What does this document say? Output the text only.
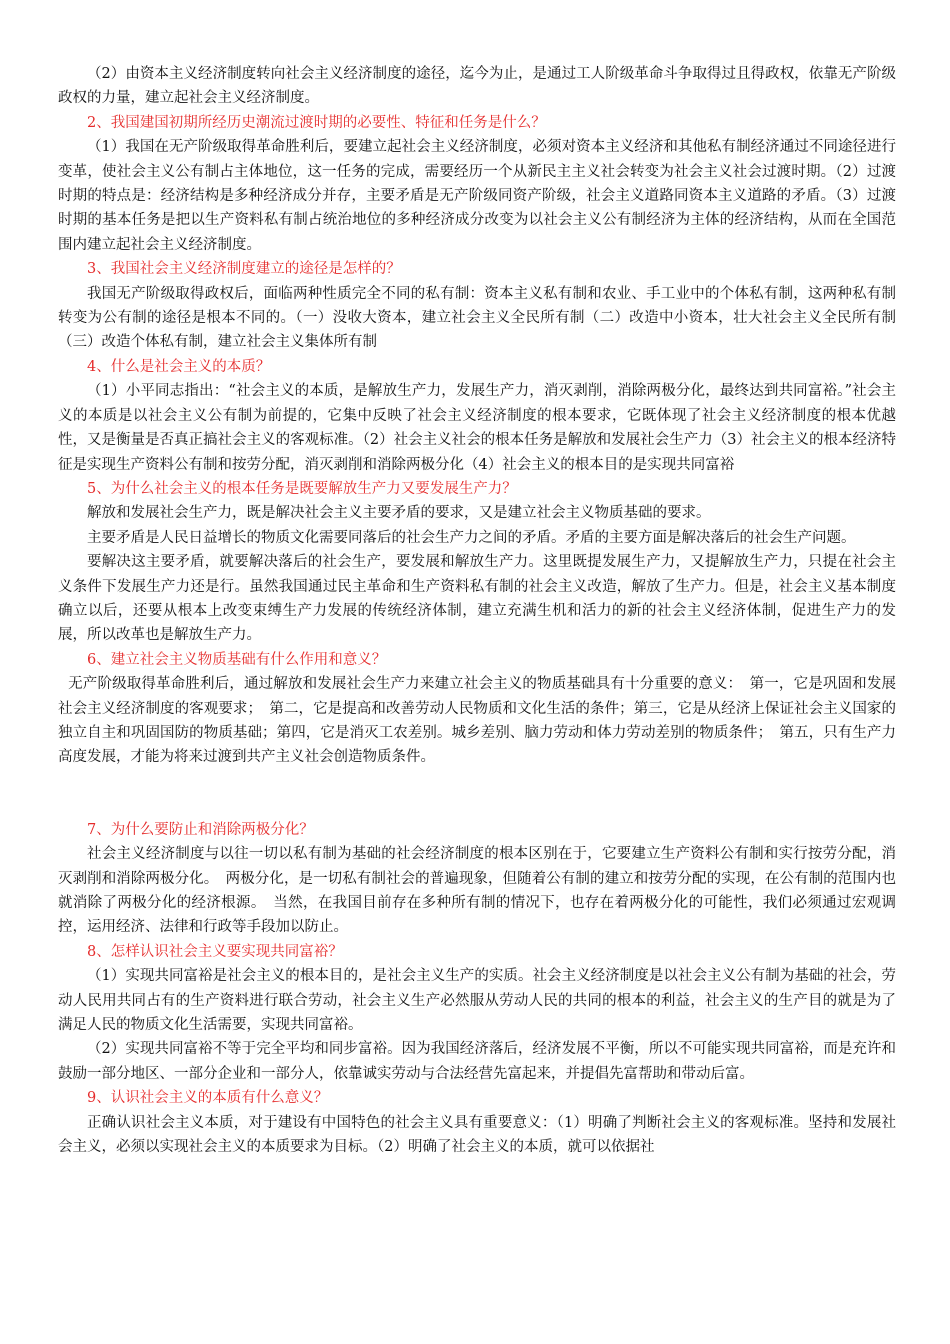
（2）由资本主义经济制度转向社会主义经济制度的途径，迄今为止，是通过工人阶级革命斗争取得过且得政权，依靠无产阶级政权的力量，建立起社会主义经济制度。

2、我国建国初期所经历史潮流过渡时期的必要性、特征和任务是什么？

（1）我国在无产阶级取得革命胜利后，要建立起社会主义经济制度，必须对资本主义经济和其他私有制经济通过不同途径进行变革，使社会主义公有制占主体地位，这一任务的完成，需要经历一个从新民主主义社会转变为社会主义社会过渡时期。（2）过渡时期的特点是：经济结构是多种经济成分并存，主要矛盾是无产阶级同资产阶级，社会主义道路同资本主义道路的矛盾。（3）过渡时期的基本任务是把以生产资料私有制占统治地位的多种经济成分改变为以社会主义公有制经济为主体的经济结构，从而在全国范围内建立起社会主义经济制度。

3、我国社会主义经济制度建立的途径是怎样的？

我国无产阶级取得政权后，面临两种性质完全不同的私有制：资本主义私有制和农业、手工业中的个体私有制，这两种私有制转变为公有制的途径是根本不同的。（一）没收大资本，建立社会主义全民所有制（二）改造中小资本，壮大社会主义全民所有制（三）改造个体私有制，建立社会主义集体所有制

4、什么是社会主义的本质？

（1）小平同志指出：“社会主义的本质，是解放生产力，发展生产力，消灭剥削，消除两极分化，最终达到共同富裕。”社会主义的本质是以社会主义公有制为前提的，它集中反映了社会主义经济制度的根本要求，它既体现了社会主义经济制度的根本优越性，又是衡量是否真正搞社会主义的客观标准。（2）社会主义社会的根本任务是解放和发展社会生产力（3）社会主义的根本经济特征是实现生产资料公有制和按劳分配，消灭剥削和消除两极分化（4）社会主义的根本目的是实现共同富裕

5、为什么社会主义的根本任务是既要解放生产力又要发展生产力？

解放和发展社会生产力，既是解决社会主义主要矛盾的要求，又是建立社会主义物质基础的要求。

主要矛盾是人民日益增长的物质文化需要同落后的社会生产力之间的矛盾。矛盾的主要方面是解决落后的社会生产问题。

要解决这主要矛盾，就要解决落后的社会生产，要发展和解放生产力。这里既提发展生产力，又提解放生产力，只提在社会主义条件下发展生产力还是行。虽然我国通过民主革命和生产资料私有制的社会主义改造，解放了生产力。但是，社会主义基本制度确立以后，还要从根本上改变束缚生产力发展的传统经济体制，建立充满生机和活力的新的社会主义经济体制，促进生产力的发展，所以改革也是解放生产力。

6、建立社会主义物质基础有什么作用和意义？

无产阶级取得革命胜利后，通过解放和发展社会生产力来建立社会主义的物质基础具有十分重要的意义：　第一，它是巩固和发展社会主义经济制度的客观要求；　第二，它是提高和改善劳动人民物质和文化生活的条件；第三，它是从经济上保证社会主义国家的独立自主和巩固国防的物质基础；第四，它是消灭工农差别。城乡差别、脑力劳动和体力劳动差别的物质条件；　第五，只有生产力高度发展，才能为将来过渡到共产主义社会创造物质条件。

7、为什么要防止和消除两极分化？

社会主义经济制度与以往一切以私有制为基础的社会经济制度的根本区别在于，它要建立生产资料公有制和实行按劳分配，消灭剥削和消除两极分化。　两极分化，是一切私有制社会的普遍现象，但随着公有制的建立和按劳分配的实现，在公有制的范围内也就消除了两极分化的经济根源。　当然，在我国目前存在多种所有制的情况下，也存在着两极分化的可能性，我们必须通过宏观调控，运用经济、法律和行政等手段加以防止。

8、怎样认识社会主义要实现共同富裕？

（1）实现共同富裕是社会主义的根本目的，是社会主义生产的实质。社会主义经济制度是以社会主义公有制为基础的社会，劳动人民用共同占有的生产资料进行联合劳动，社会主义生产必然服从劳动人民的共同的根本的利益，社会主义的生产目的就是为了满足人民的物质文化生活需要，实现共同富裕。

（2）实现共同富裕不等于完全平均和同步富裕。因为我国经济落后，经济发展不平衡，所以不可能实现共同富裕，而是充许和鼓励一部分地区、一部分企业和一部分人，依靠诚实劳动与合法经营先富起来，并提倡先富帮助和带动后富。

9、认识社会主义的本质有什么意义？

正确认识社会主义本质，对于建设有中国特色的社会主义具有重要意义：（1）明确了判断社会主义的客观标准。坚持和发展社会主义，必须以实现社会主义的本质要求为目标。（2）明确了社会主义的本质，就可以依据社
